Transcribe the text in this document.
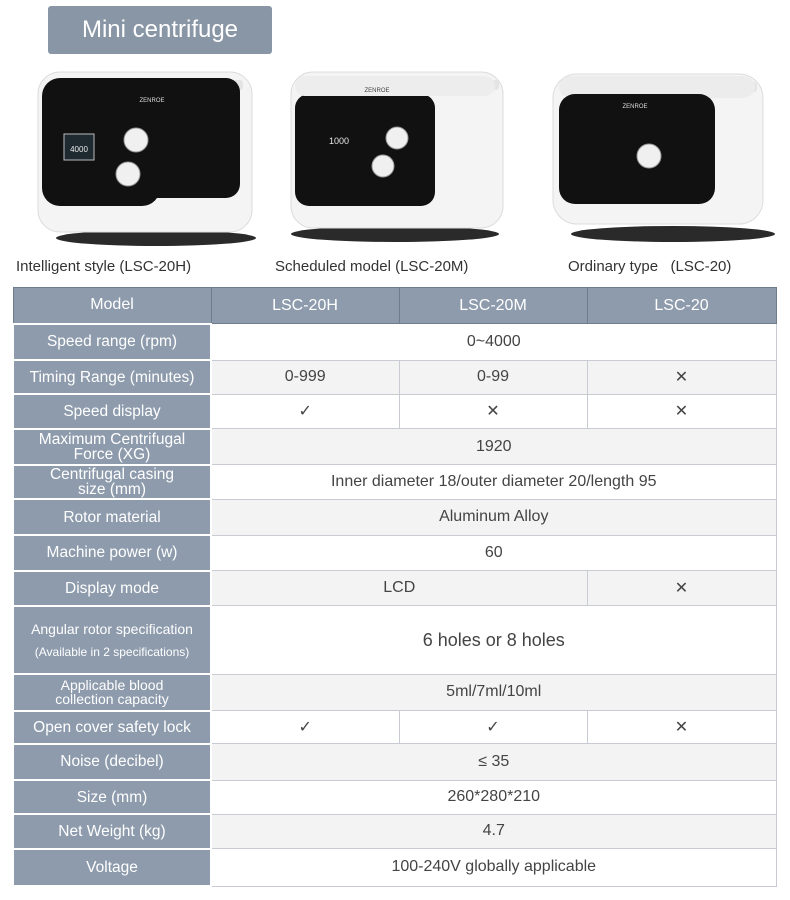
Mini centrifuge
4000
ZENROE
Intelligent style (LSC-20H)
ZENROE
1000
Scheduled model (LSC-20M)
ZENROE
Ordinary type   (LSC-20)
Model	LSC-20H	LSC-20M	LSC-20
Speed range (rpm)	0~4000		
Timing Range (minutes)	0-999	0-99	✕
Speed display	✓	✕	✕
Maximum Centrifugal
Force (XG)	1920		
Centrifugal casing
size (mm)	Inner diameter 18/outer diameter 20/length 95		
Rotor material	Aluminum Alloy		
Machine power (w)	60		
Display mode	LCD		✕
Angular rotor specification
(Available in 2 specifications)	6 holes or 8 holes		
Applicable blood
collection capacity	5ml/7ml/10ml		
Open cover safety lock	✓	✓	✕
Noise (decibel)	≤ 35		
Size (mm)	260*280*210		
Net Weight (kg)	4.7		
Voltage	100-240V globally applicable		
